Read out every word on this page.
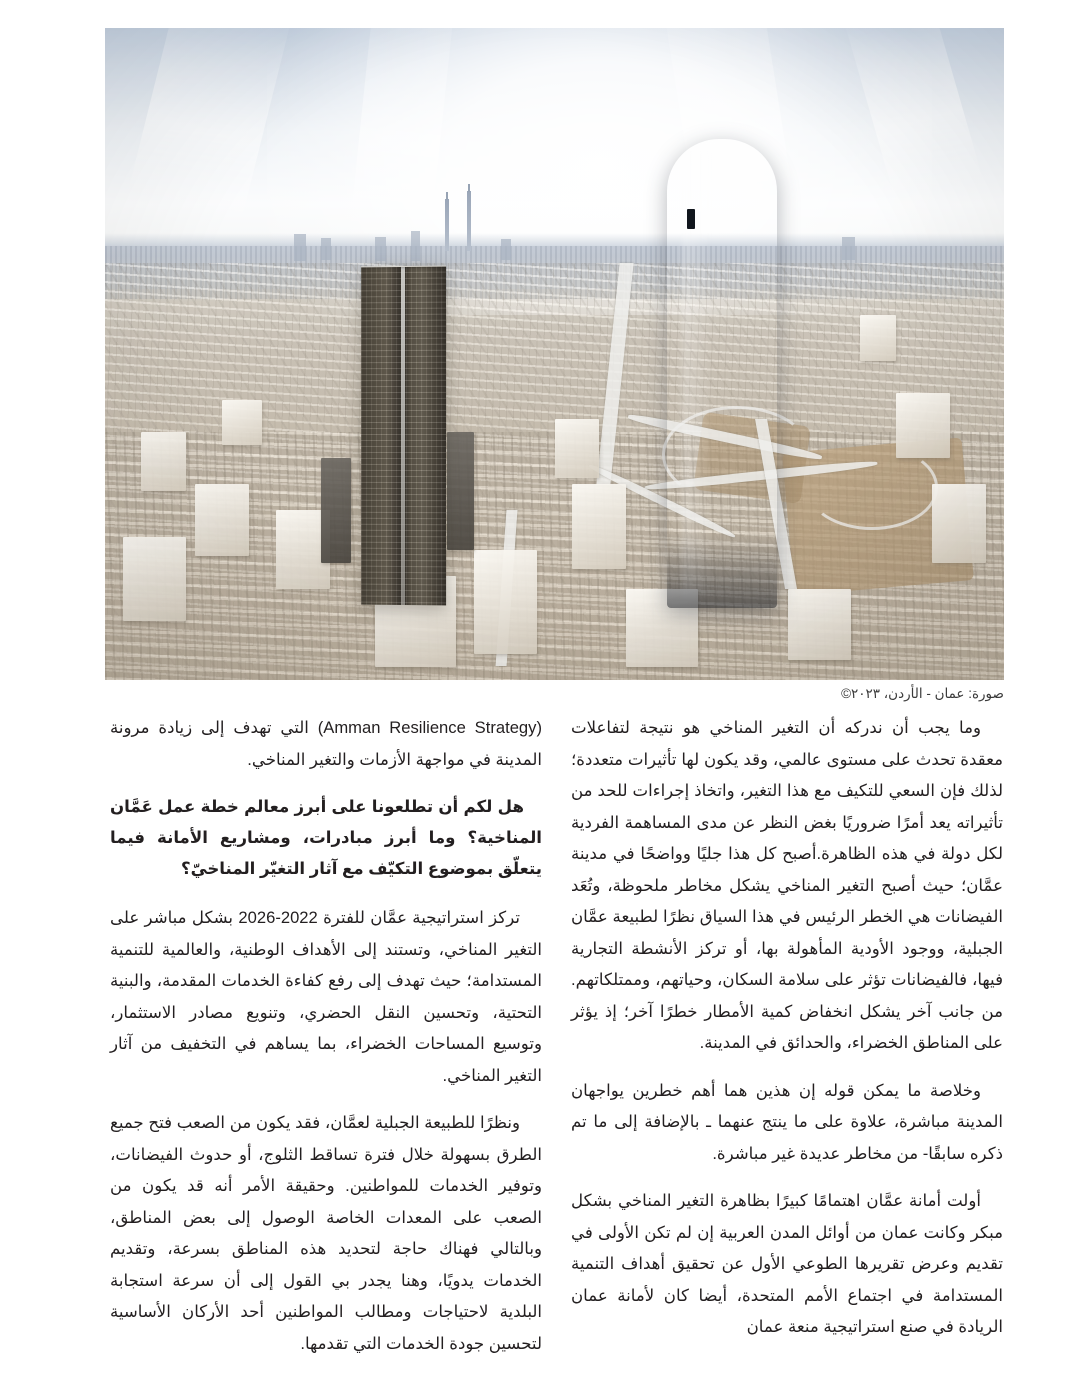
صورة: عمان - الأردن، ٢٠٢٣©

وما يجب أن ندركه أن التغير المناخي هو نتيجة لتفاعلات معقدة تحدث على مستوى عالمي، وقد يكون لها تأثيرات متعددة؛ لذلك فإن السعي للتكيف مع هذا التغير، واتخاذ إجراءات للحد من تأثيراته يعد أمرًا ضروريًا بغض النظر عن مدى المساهمة الفردية لكل دولة في هذه الظاهرة.أصبح كل هذا جليًا وواضحًا في مدينة عمَّان؛ حيث أصبح التغير المناخي يشكل مخاطر ملحوظة، وتُعَد الفيضانات هي الخطر الرئيس في هذا السياق نظرًا لطبيعة عمَّان الجبلية، ووجود الأودية المأهولة بها، أو تركز الأنشطة التجارية فيها، فالفيضانات تؤثر على سلامة السكان، وحياتهم، وممتلكاتهم. من جانب آخر يشكل انخفاض كمية الأمطار خطرًا آخر؛ إذ يؤثر على المناطق الخضراء، والحدائق في المدينة.

وخلاصة ما يمكن قوله إن هذين هما أهم خطرين يواجهان المدينة مباشرة، علاوة على ما ينتج عنهما ـ بالإضافة إلى ما تم ذكره سابقًا- من مخاطر عديدة غير مباشرة.

أولت أمانة عمَّان اهتمامًا كبيرًا بظاهرة التغير المناخي بشكل مبكر وكانت عمان من أوائل المدن العربية إن لم تكن الأولى في تقديم وعرض تقريرها الطوعي الأول عن تحقيق أهداف التنمية المستدامة في اجتماع الأمم المتحدة، أيضا كان لأمانة عمان الريادة في صنع استراتيجية منعة عمان

(Amman Resilience Strategy) التي تهدف إلى زيادة مرونة المدينة في مواجهة الأزمات والتغير المناخي.

هل لكم أن تطلعونا على أبرز معالم خطة عمل عَمَّان المناخية؟ وما أبرز مبادرات، ومشاريع الأمانة فيما يتعلّق بموضوع التكيّف مع آثار التغيّر المناخيّ؟

تركز استراتيجية عمَّان للفترة 2022-2026 بشكل مباشر على التغير المناخي، وتستند إلى الأهداف الوطنية، والعالمية للتنمية المستدامة؛ حيث تهدف إلى رفع كفاءة الخدمات المقدمة، والبنية التحتية، وتحسين النقل الحضري، وتنويع مصادر الاستثمار، وتوسيع المساحات الخضراء، بما يساهم في التخفيف من آثار التغير المناخي.

ونظرًا للطبيعة الجبلية لعمَّان، فقد يكون من الصعب فتح جميع الطرق بسهولة خلال فترة تساقط الثلوج، أو حدوث الفيضانات، وتوفير الخدمات للمواطنين. وحقيقة الأمر أنه قد يكون من الصعب على المعدات الخاصة الوصول إلى بعض المناطق، وبالتالي فهناك حاجة لتحديد هذه المناطق بسرعة، وتقديم الخدمات يدويًا، وهنا يجدر بي القول إلى أن سرعة استجابة البلدية لاحتياجات ومطالب المواطنين أحد الأركان الأساسية لتحسين جودة الخدمات التي تقدمها.
